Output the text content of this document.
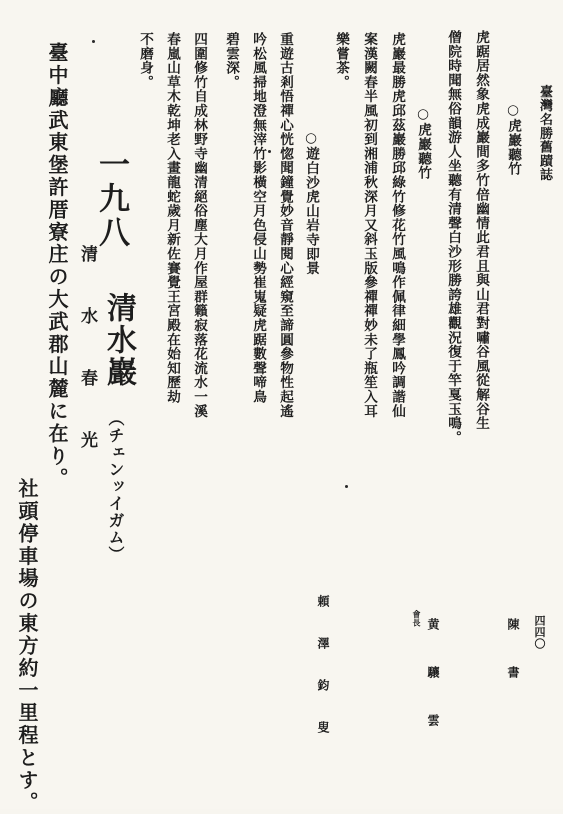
臺灣名勝舊蹟誌
四四〇
○虎巖聽竹
陳　書
虎踞居然象虎成巖間多竹倍幽情此君且與山君對嘯谷風從解谷生
僧院時聞無俗韻游人坐聽有清聲白沙形勝誇雄觀況復于竿戛玉鳴。
○虎巖聽竹
會長 黄　驤　雲
虎巖最勝虎邱茲巖勝邱綠竹修花竹風鳴作佩律細學鳳吟調諧仙
案漢闕春半風初到湘浦秋深月又斜玉版參禪禪妙未了瓶笙入耳
樂嘗茶。
○遊白沙虎山岩寺即景
頼　澤　鈞　叟
重遊古剎悟禪心恍惚聞鐘覺妙音靜閱心經窺至諦圓參物性起遙
吟松風掃地澄無滓竹影橫空月色侵山勢崔嵬疑虎踞數聲啼鳥
碧雲深。
四圍修竹自成林野寺幽清絕俗塵大月作屋群籟寂落花流水一溪
春嵐山草木乾坤老入畫龍蛇歲月新佐賽覺王宮殿在始知歷劫
不磨身。
一九八
清水巖
（チェンッイガム）
清　水　春　光
臺中廳武東堡許厝寮庄の大武郡山麓に在り。
社頭停車場の東方約一里程とす。
